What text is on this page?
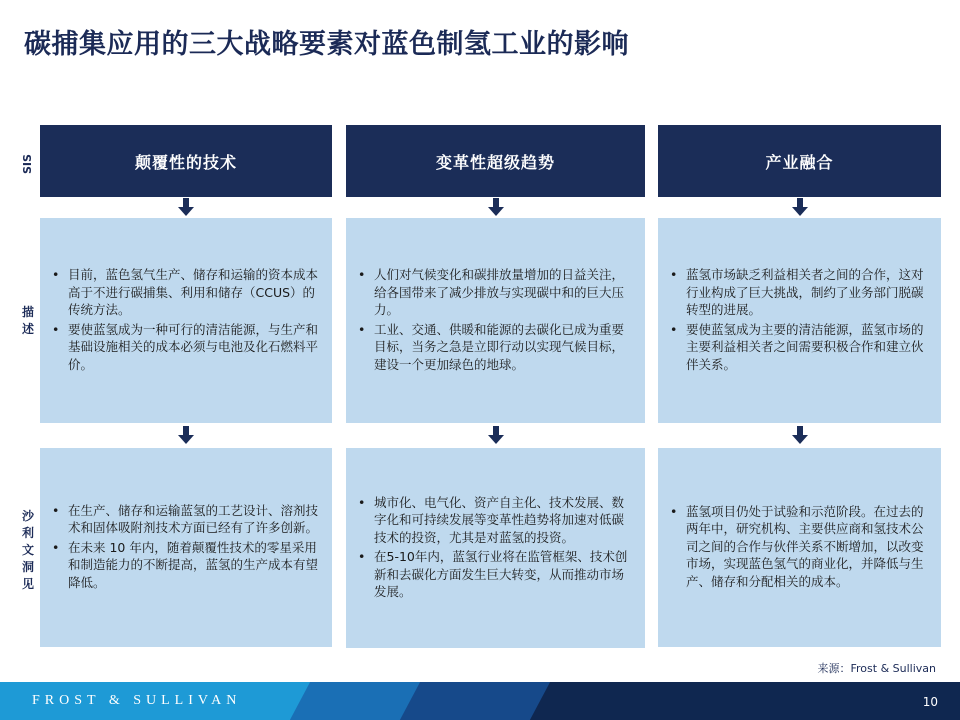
碳捕集应用的三大战略要素对蓝色制氢工业的影响
SIS
描
述
沙
利
文
洞
见
颠覆性的技术
• 目前，蓝色氢气生产、储存和运输的资本成本高于不进行碳捕集、利用和储存（CCUS）的传统方法。
• 要使蓝氢成为一种可行的清洁能源，与生产和基础设施相关的成本必须与电池及化石燃料平价。
• 在生产、储存和运输蓝氢的工艺设计、溶剂技术和固体吸附剂技术方面已经有了许多创新。
• 在未来 10 年内，随着颠覆性技术的零星采用和制造能力的不断提高，蓝氢的生产成本有望降低。
变革性超级趋势
• 人们对气候变化和碳排放量增加的日益关注，给各国带来了减少排放与实现碳中和的巨大压力。
• 工业、交通、供暖和能源的去碳化已成为重要目标，当务之急是立即行动以实现气候目标，建设一个更加绿色的地球。
• 城市化、电气化、资产自主化、技术发展、数字化和可持续发展等变革性趋势将加速对低碳技术的投资，尤其是对蓝氢的投资。
• 在5-10年内，蓝氢行业将在监管框架、技术创新和去碳化方面发生巨大转变，从而推动市场发展。
产业融合
• 蓝氢市场缺乏利益相关者之间的合作，这对行业构成了巨大挑战，制约了业务部门脱碳转型的进展。
• 要使蓝氢成为主要的清洁能源，蓝氢市场的主要利益相关者之间需要积极合作和建立伙伴关系。
• 蓝氢项目仍处于试验和示范阶段。在过去的两年中，研究机构、主要供应商和氢技术公司之间的合作与伙伴关系不断增加，以改变市场，实现蓝色氢气的商业化，并降低与生产、储存和分配相关的成本。
来源：Frost & Sullivan
FROST & SULLIVAN	10
